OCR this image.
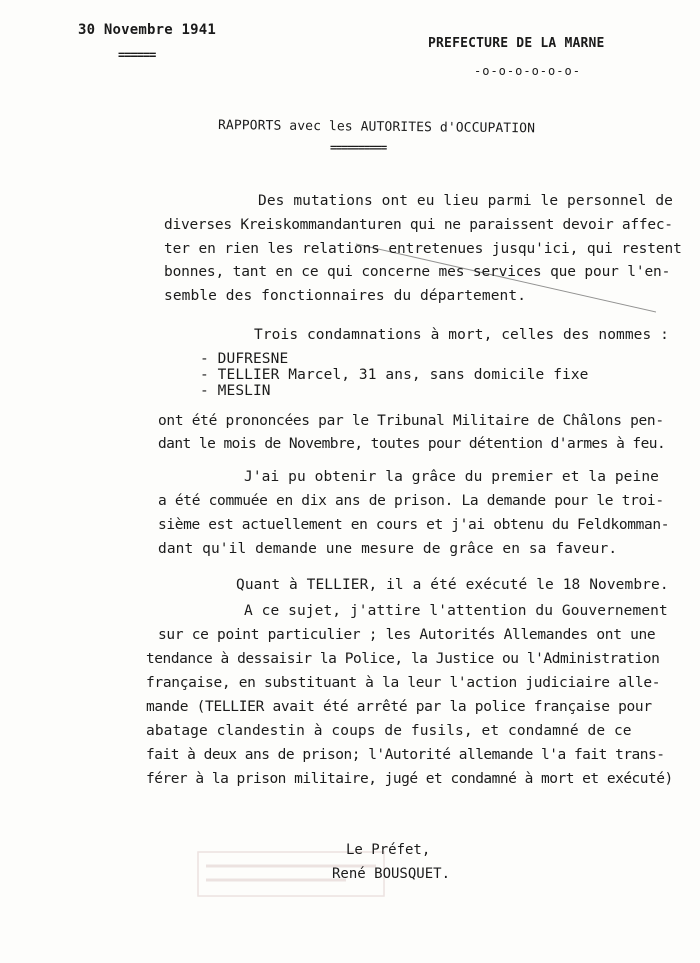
30 Novembre 1941
======
PREFECTURE DE LA MARNE
-o-o-o-o-o-o-
RAPPORTS avec les AUTORITES d'OCCUPATION
==========
Des mutations ont eu lieu parmi le personnel de
diverses Kreiskommandanturen qui ne paraissent devoir affec-
ter en rien les relations entretenues jusqu'ici, qui restent
bonnes, tant en ce qui concerne mes services que pour l'en-
semble des fonctionnaires du département.
Trois condamnations à mort, celles des nommes :
- DUFRESNE
- TELLIER Marcel, 31 ans, sans domicile fixe
- MESLIN
ont été prononcées par le Tribunal Militaire de Châlons pen-
dant le mois de Novembre, toutes pour détention d'armes à feu.
J'ai pu obtenir la grâce du premier et la peine
a été commuée en dix ans de prison. La demande pour le troi-
sième est actuellement en cours et j'ai obtenu du Feldkomman-
dant qu'il demande une mesure de grâce en sa faveur.
Quant à TELLIER, il a été exécuté le 18 Novembre.
A ce sujet, j'attire l'attention du Gouvernement
sur ce point particulier ; les Autorités Allemandes ont une
tendance à dessaisir la Police, la Justice ou l'Administration
française, en substituant à la leur l'action judiciaire alle-
mande (TELLIER avait été arrêté par la police française pour
abatage clandestin à coups de fusils, et condamné de ce
fait à deux ans de prison; l'Autorité allemande l'a fait trans-
férer à la prison militaire, jugé et condamné à mort et exécuté)
Le Préfet,
René BOUSQUET.
